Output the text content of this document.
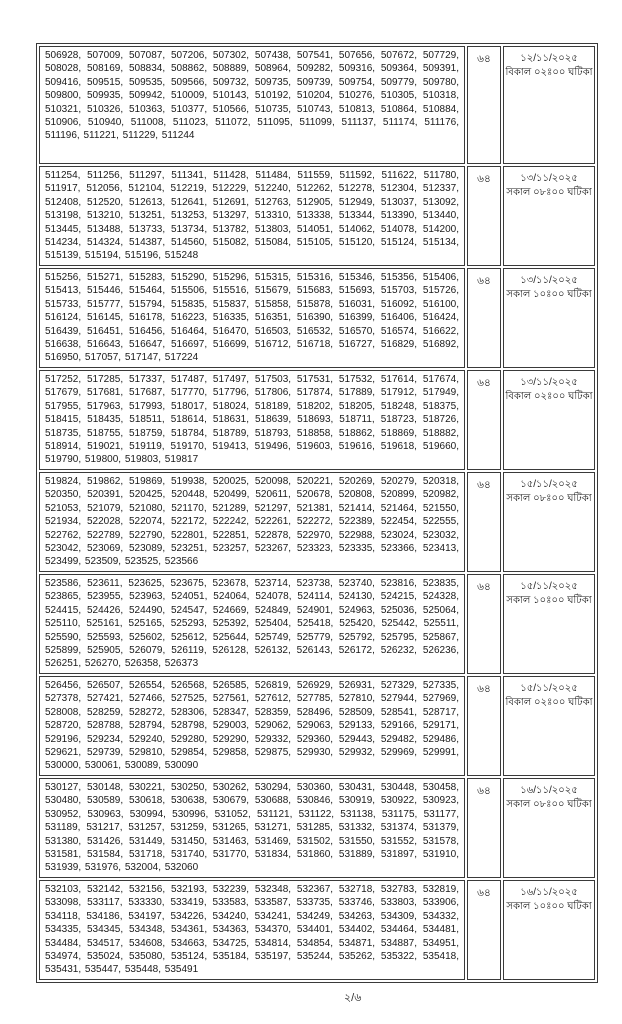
506928, 507009, 507087, 507206, 507302, 507438, 507541, 507656, 507672, 507729, 508028, 508169, 508834, 508862, 508889, 508964, 509282, 509316, 509364, 509391, 509416, 509515, 509535, 509566, 509732, 509735, 509739, 509754, 509779, 509780, 509800, 509935, 509942, 510009, 510143, 510192, 510204, 510276, 510305, 510318, 510321, 510326, 510363, 510377, 510566, 510735, 510743, 510813, 510864, 510884, 510906, 510940, 511008, 511023, 511072, 511095, 511099, 511137, 511174, 511176, 511196, 511221, 511229, 511244	৬৪	১২/১১/২০২৫
বিকাল ০২ঃ০০ ঘটিকা

511254, 511256, 511297, 511341, 511428, 511484, 511559, 511592, 511622, 511780, 511917, 512056, 512104, 512219, 512229, 512240, 512262, 512278, 512304, 512337, 512408, 512520, 512613, 512641, 512691, 512763, 512905, 512949, 513037, 513092, 513198, 513210, 513251, 513253, 513297, 513310, 513338, 513344, 513390, 513440, 513445, 513488, 513733, 513734, 513782, 513803, 514051, 514062, 514078, 514200, 514234, 514324, 514387, 514560, 515082, 515084, 515105, 515120, 515124, 515134, 515139, 515194, 515196, 515248	৬৪	১৩/১১/২০২৫
সকাল ০৮ঃ০০ ঘটিকা

515256, 515271, 515283, 515290, 515296, 515315, 515316, 515346, 515356, 515406, 515413, 515446, 515464, 515506, 515516, 515679, 515683, 515693, 515703, 515726, 515733, 515777, 515794, 515835, 515837, 515858, 515878, 516031, 516092, 516100, 516124, 516145, 516178, 516223, 516335, 516351, 516390, 516399, 516406, 516424, 516439, 516451, 516456, 516464, 516470, 516503, 516532, 516570, 516574, 516622, 516638, 516643, 516647, 516697, 516699, 516712, 516718, 516727, 516829, 516892, 516950, 517057, 517147, 517224	৬৪	১৩/১১/২০২৫
সকাল ১০ঃ০০ ঘটিকা

517252, 517285, 517337, 517487, 517497, 517503, 517531, 517532, 517614, 517674, 517679, 517681, 517687, 517770, 517796, 517806, 517874, 517889, 517912, 517949, 517955, 517963, 517993, 518017, 518024, 518189, 518202, 518205, 518248, 518375, 518415, 518435, 518511, 518614, 518631, 518639, 518693, 518711, 518723, 518726, 518735, 518755, 518759, 518784, 518789, 518793, 518858, 518862, 518869, 518882, 518914, 519021, 519119, 519170, 519413, 519496, 519603, 519616, 519618, 519660, 519790, 519800, 519803, 519817	৬৪	১৩/১১/২০২৫
বিকাল ০২ঃ০০ ঘটিকা

519824, 519862, 519869, 519938, 520025, 520098, 520221, 520269, 520279, 520318, 520350, 520391, 520425, 520448, 520499, 520611, 520678, 520808, 520899, 520982, 521053, 521079, 521080, 521170, 521289, 521297, 521381, 521414, 521464, 521550, 521934, 522028, 522074, 522172, 522242, 522261, 522272, 522389, 522454, 522555, 522762, 522789, 522790, 522801, 522851, 522878, 522970, 522988, 523024, 523032, 523042, 523069, 523089, 523251, 523257, 523267, 523323, 523335, 523366, 523413, 523499, 523509, 523525, 523566	৬৪	১৫/১১/২০২৫
সকাল ০৮ঃ০০ ঘটিকা

523586, 523611, 523625, 523675, 523678, 523714, 523738, 523740, 523816, 523835, 523865, 523955, 523963, 524051, 524064, 524078, 524114, 524130, 524215, 524328, 524415, 524426, 524490, 524547, 524669, 524849, 524901, 524963, 525036, 525064, 525110, 525161, 525165, 525293, 525392, 525404, 525418, 525420, 525442, 525511, 525590, 525593, 525602, 525612, 525644, 525749, 525779, 525792, 525795, 525867, 525899, 525905, 526079, 526119, 526128, 526132, 526143, 526172, 526232, 526236, 526251, 526270, 526358, 526373	৬৪	১৫/১১/২০২৫
সকাল ১০ঃ০০ ঘটিকা

526456, 526507, 526554, 526568, 526585, 526819, 526929, 526931, 527329, 527335, 527378, 527421, 527466, 527525, 527561, 527612, 527785, 527810, 527944, 527969, 528008, 528259, 528272, 528306, 528347, 528359, 528496, 528509, 528541, 528717, 528720, 528788, 528794, 528798, 529003, 529062, 529063, 529133, 529166, 529171, 529196, 529234, 529240, 529280, 529290, 529332, 529360, 529443, 529482, 529486, 529621, 529739, 529810, 529854, 529858, 529875, 529930, 529932, 529969, 529991, 530000, 530061, 530089, 530090	৬৪	১৫/১১/২০২৫
বিকাল ০২ঃ০০ ঘটিকা

530127, 530148, 530221, 530250, 530262, 530294, 530360, 530431, 530448, 530458, 530480, 530589, 530618, 530638, 530679, 530688, 530846, 530919, 530922, 530923, 530952, 530963, 530994, 530996, 531052, 531121, 531122, 531138, 531175, 531177, 531189, 531217, 531257, 531259, 531265, 531271, 531285, 531332, 531374, 531379, 531380, 531426, 531449, 531450, 531463, 531469, 531502, 531550, 531552, 531578, 531581, 531584, 531718, 531740, 531770, 531834, 531860, 531889, 531897, 531910, 531939, 531976, 532004, 532060	৬৪	১৬/১১/২০২৫
সকাল ০৮ঃ০০ ঘটিকা

532103, 532142, 532156, 532193, 532239, 532348, 532367, 532718, 532783, 532819, 533098, 533117, 533330, 533419, 533583, 533587, 533735, 533746, 533803, 533906, 534118, 534186, 534197, 534226, 534240, 534241, 534249, 534263, 534309, 534332, 534335, 534345, 534348, 534361, 534363, 534370, 534401, 534402, 534464, 534481, 534484, 534517, 534608, 534663, 534725, 534814, 534854, 534871, 534887, 534951, 534974, 535024, 535080, 535124, 535184, 535197, 535244, 535262, 535322, 535418, 535431, 535447, 535448, 535491	৬৪	১৬/১১/২০২৫
সকাল ১০ঃ০০ ঘটিকা
২/৬
